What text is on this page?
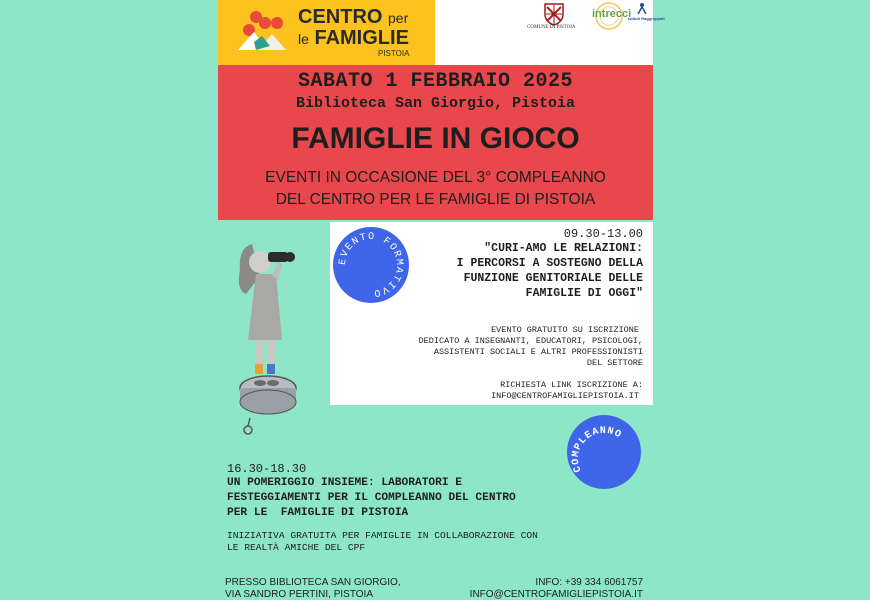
CENTRO per
le FAMIGLIE
PISTOIA
COMUNE DI PISTOIA
intrecci
Istituti Raggruppati
SABATO 1 FEBBRAIO 2025
Biblioteca San Giorgio, Pistoia
FAMIGLIE IN GIOCO
EVENTI IN OCCASIONE DEL 3° COMPLEANNO
DEL CENTRO PER LE FAMIGLIE DI PISTOIA
09.30-13.00
"CURI-AMO LE RELAZIONI:
I PERCORSI A SOSTEGNO DELLA
FUNZIONE GENITORIALE DELLE
FAMIGLIE DI OGGI"
EVENTO GRATUITO SU ISCRIZIONE
DEDICATO A INSEGNANTI, EDUCATORI, PSICOLOGI,
ASSISTENTI SOCIALI E ALTRI PROFESSIONISTI
DEL SETTORE
RICHIESTA LINK ISCRIZIONE A:
INFO@CENTROFAMIGLIEPISTOIA.IT
EVENTO FORMATIVO
COMPLEANNO
16.30-18.30
UN POMERIGGIO INSIEME: LABORATORI E
FESTEGGIAMENTI PER IL COMPLEANNO DEL CENTRO
PER LE  FAMIGLIE DI PISTOIA
INIZIATIVA GRATUITA PER FAMIGLIE IN COLLABORAZIONE CON
LE REALTÀ AMICHE DEL CPF
PRESSO BIBLIOTECA SAN GIORGIO,
VIA SANDRO PERTINI, PISTOIA
INFO: +39 334 6061757
INFO@CENTROFAMIGLIEPISTOIA.IT
